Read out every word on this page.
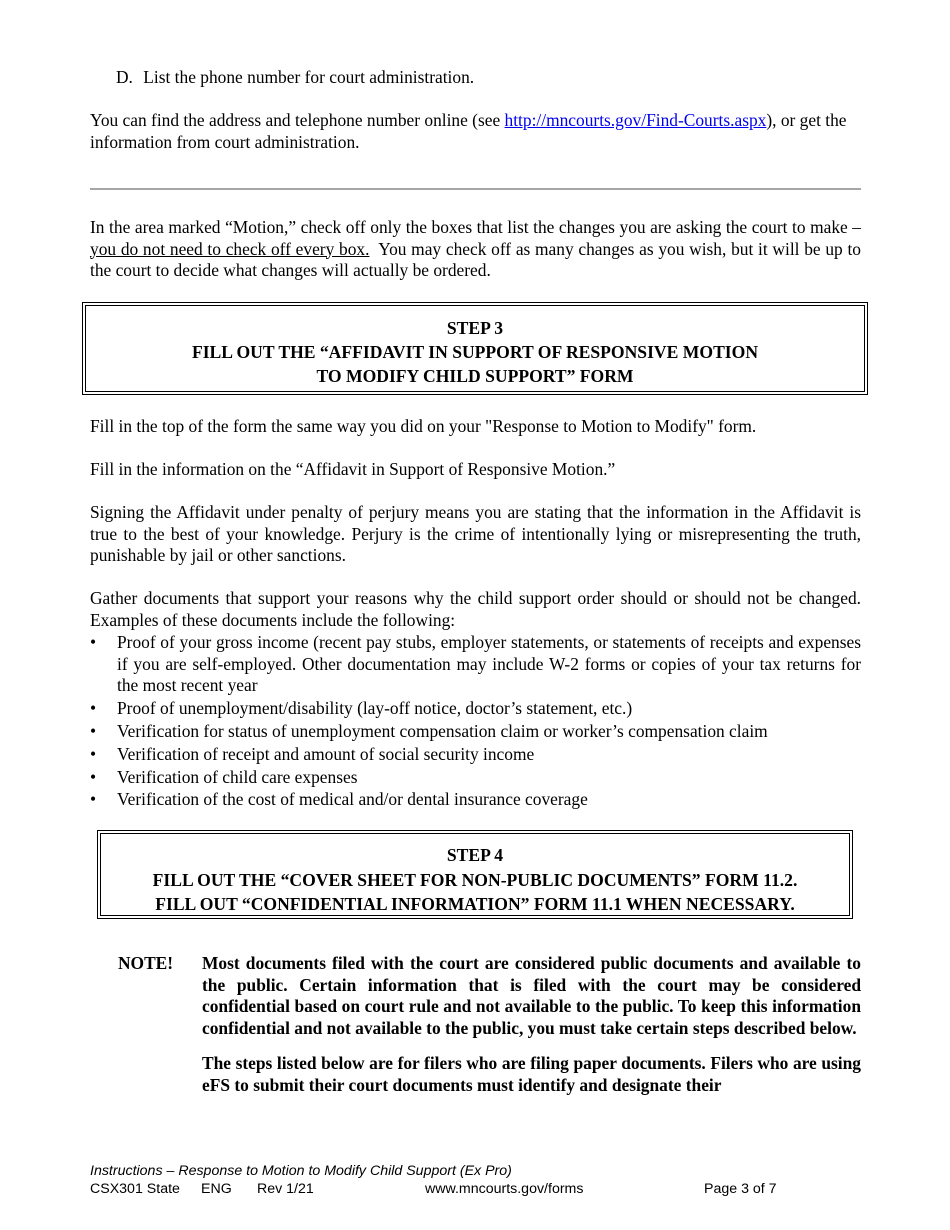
D. List the phone number for court administration.
You can find the address and telephone number online (see http://mncourts.gov/Find-Courts.aspx), or get the information from court administration.
In the area marked “Motion,” check off only the boxes that list the changes you are asking the court to make – you do not need to check off every box.  You may check off as many changes as you wish, but it will be up to the court to decide what changes will actually be ordered.
STEP 3
FILL OUT THE “AFFIDAVIT IN SUPPORT OF RESPONSIVE MOTION
TO MODIFY CHILD SUPPORT” FORM
Fill in the top of the form the same way you did on your "Response to Motion to Modify" form.
Fill in the information on the “Affidavit in Support of Responsive Motion.”
Signing the Affidavit under penalty of perjury means you are stating that the information in the Affidavit is true to the best of your knowledge. Perjury is the crime of intentionally lying or misrepresenting the truth, punishable by jail or other sanctions.
Gather documents that support your reasons why the child support order should or should not be changed. Examples of these documents include the following:
• Proof of your gross income (recent pay stubs, employer statements, or statements of receipts and expenses if you are self-employed. Other documentation may include W-2 forms or copies of your tax returns for the most recent year
• Proof of unemployment/disability (lay-off notice, doctor’s statement, etc.)
• Verification for status of unemployment compensation claim or worker’s compensation claim
• Verification of receipt and amount of social security income
• Verification of child care expenses
• Verification of the cost of medical and/or dental insurance coverage
STEP 4
FILL OUT THE “COVER SHEET FOR NON-PUBLIC DOCUMENTS” FORM 11.2.
FILL OUT “CONFIDENTIAL INFORMATION” FORM 11.1 WHEN NECESSARY.
NOTE! Most documents filed with the court are considered public documents and available to the public. Certain information that is filed with the court may be considered confidential based on court rule and not available to the public. To keep this information confidential and not available to the public, you must take certain steps described below.

The steps listed below are for filers who are filing paper documents. Filers who are using eFS to submit their court documents must identify and designate their

Instructions – Response to Motion to Modify Child Support (Ex Pro)
CSX301 State ENG Rev 1/21	www.mncourts.gov/forms	Page 3 of 7
